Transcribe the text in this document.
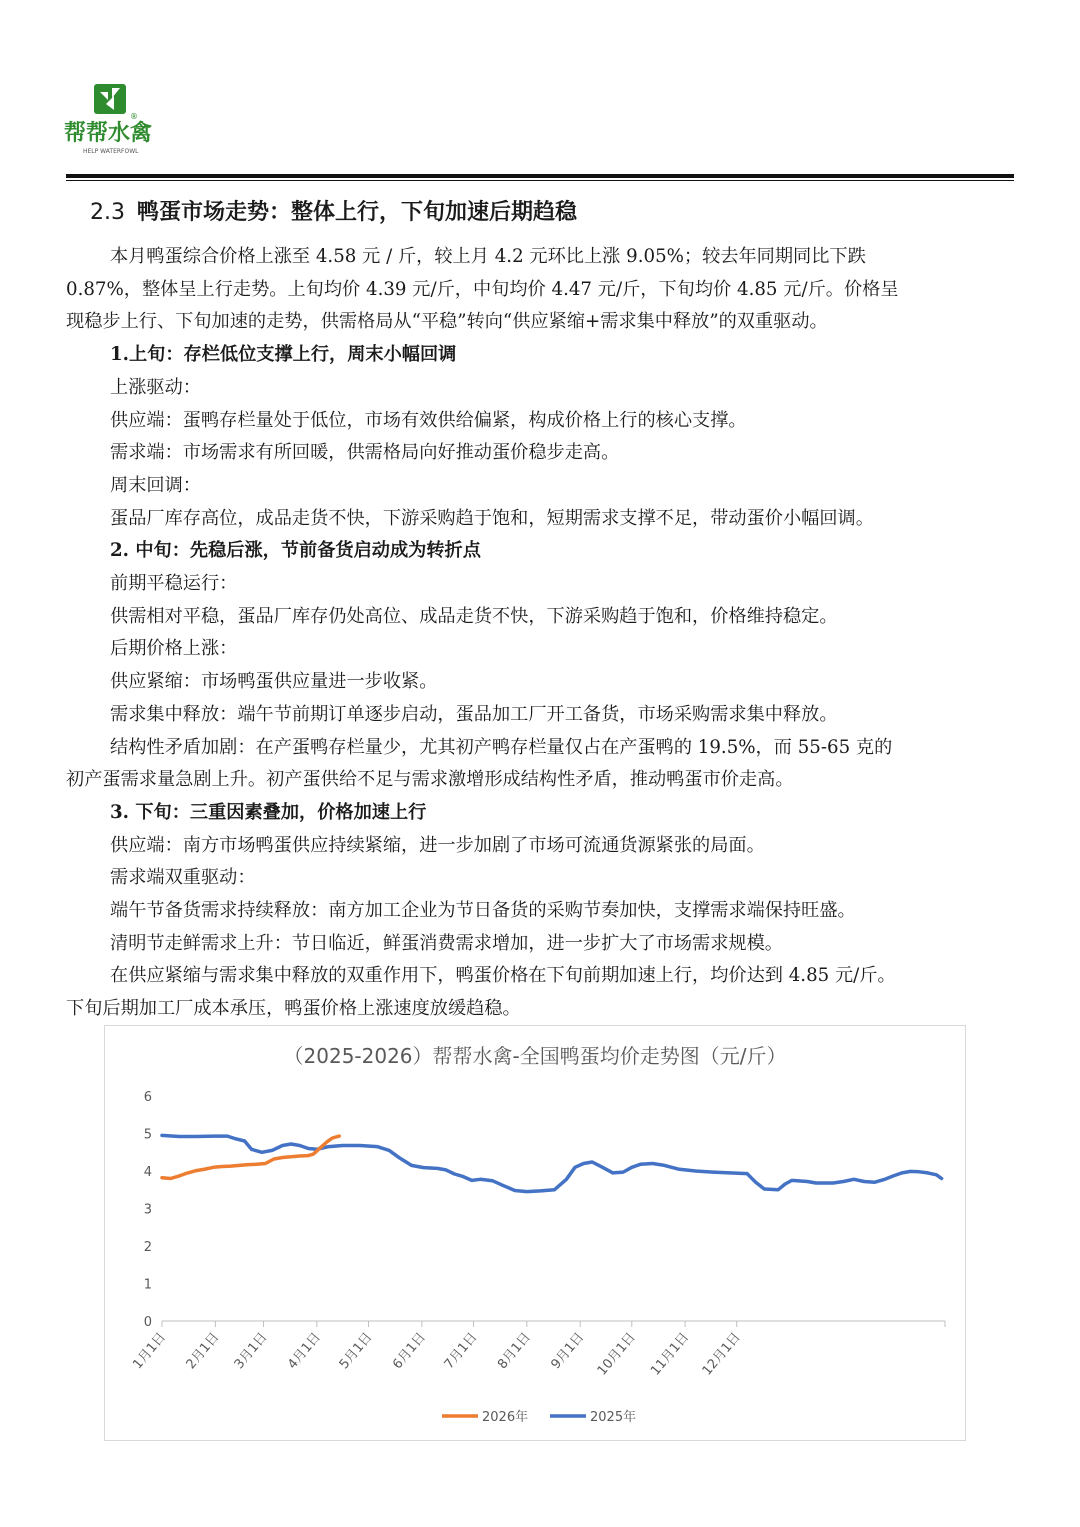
®
帮帮水禽
HELP WATERFOWL
2.3 鸭蛋市场走势：整体上行，下旬加速后期趋稳

本月鸭蛋综合价格上涨至 4.58 元 / 斤，较上月 4.2 元环比上涨 9.05%；较去年同期同比下跌

0.87%，整体呈上行走势。上旬均价 4.39 元/斤，中旬均价 4.47 元/斤，下旬均价 4.85 元/斤。价格呈

现稳步上行、下旬加速的走势，供需格局从“平稳”转向“供应紧缩+需求集中释放”的双重驱动。

1.上旬：存栏低位支撑上行，周末小幅回调

上涨驱动：

供应端：蛋鸭存栏量处于低位，市场有效供给偏紧，构成价格上行的核心支撑。

需求端：市场需求有所回暖，供需格局向好推动蛋价稳步走高。

周末回调：

蛋品厂库存高位，成品走货不快，下游采购趋于饱和，短期需求支撑不足，带动蛋价小幅回调。

2. 中旬：先稳后涨，节前备货启动成为转折点

前期平稳运行：

供需相对平稳，蛋品厂库存仍处高位、成品走货不快，下游采购趋于饱和，价格维持稳定。

后期价格上涨：

供应紧缩：市场鸭蛋供应量进一步收紧。

需求集中释放：端午节前期订单逐步启动，蛋品加工厂开工备货，市场采购需求集中释放。

结构性矛盾加剧：在产蛋鸭存栏量少，尤其初产鸭存栏量仅占在产蛋鸭的 19.5%，而 55-65 克的

初产蛋需求量急剧上升。初产蛋供给不足与需求激增形成结构性矛盾，推动鸭蛋市价走高。

3. 下旬：三重因素叠加，价格加速上行

供应端：南方市场鸭蛋供应持续紧缩，进一步加剧了市场可流通货源紧张的局面。

需求端双重驱动：

端午节备货需求持续释放：南方加工企业为节日备货的采购节奏加快，支撑需求端保持旺盛。

清明节走鲜需求上升：节日临近，鲜蛋消费需求增加，进一步扩大了市场需求规模。

在供应紧缩与需求集中释放的双重作用下，鸭蛋价格在下旬前期加速上行，均价达到 4.85 元/斤。

下旬后期加工厂成本承压，鸭蛋价格上涨速度放缓趋稳。

（2025-2026）帮帮水禽-全国鸭蛋均价走势图（元/斤）
0
1
2
3
4
5
6
1月1日 2月1日 3月1日 4月1日 5月1日 6月1日 7月1日 8月1日 9月1日 10月1日 11月1日 12月1日
2026年	2025年
